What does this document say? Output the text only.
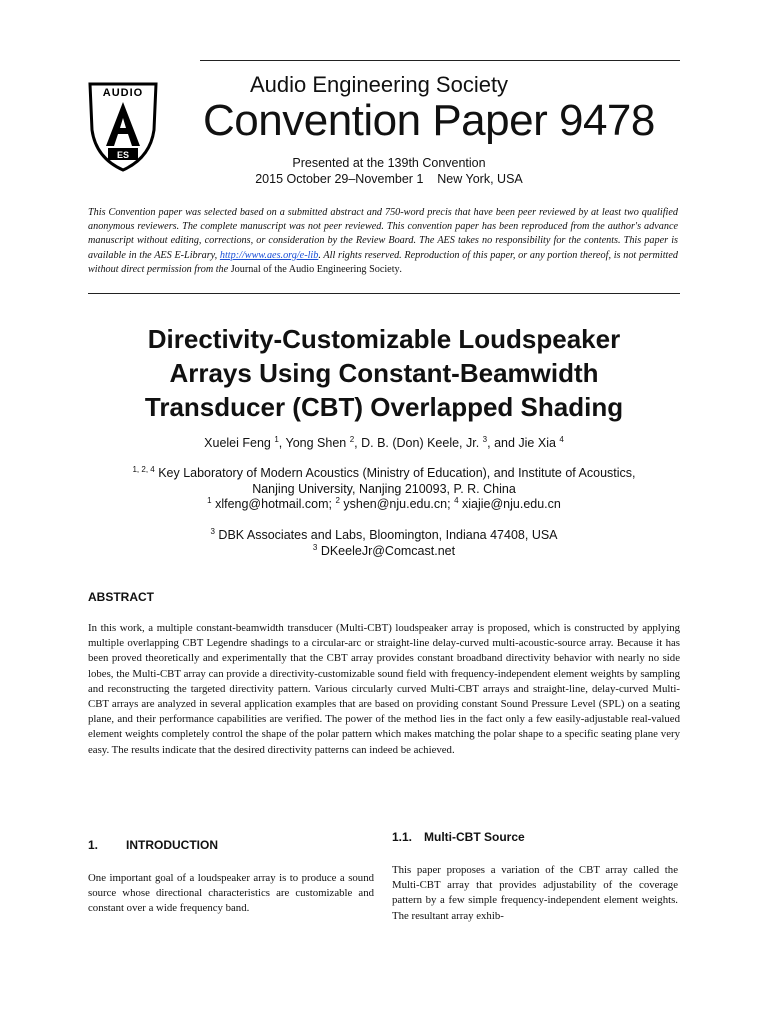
AUDIO
ES
Audio Engineering Society
Convention Paper 9478
Presented at the 139th Convention
2015 October 29–November 1    New York, USA
This Convention paper was selected based on a submitted abstract and 750-word precis that have been peer reviewed by at least two qualified anonymous reviewers. The complete manuscript was not peer reviewed. This convention paper has been reproduced from the author's advance manuscript without editing, corrections, or consideration by the Review Board. The AES takes no responsibility for the contents. This paper is available in the AES E-Library, http://www.aes.org/e-lib. All rights reserved. Reproduction of this paper, or any portion thereof, is not permitted without direct permission from the Journal of the Audio Engineering Society.
Directivity-Customizable Loudspeaker
Arrays Using Constant-Beamwidth
Transducer (CBT) Overlapped Shading
Xuelei Feng $^1$, Yong Shen $^2$, D. B. (Don) Keele, Jr. $^3$, and Jie Xia $^4$
$^{1, 2, 4}$ Key Laboratory of Modern Acoustics (Ministry of Education), and Institute of Acoustics,
Nanjing University, Nanjing 210093, P. R. China
$^1$ xlfeng@hotmail.com; $^2$ yshen@nju.edu.cn; $^4$ xiajie@nju.edu.cn
$^3$ DBK Associates and Labs, Bloomington, Indiana 47408, USA
$^3$ DKeeleJr@Comcast.net
ABSTRACT
In this work, a multiple constant-beamwidth transducer (Multi-CBT) loudspeaker array is proposed, which is constructed by applying multiple overlapping CBT Legendre shadings to a circular-arc or straight-line delay-curved multi-acoustic-source array. Because it has been proved theoretically and experimentally that the CBT array provides constant broadband directivity behavior with nearly no side lobes, the Multi-CBT array can provide a directivity-customizable sound field with frequency-independent element weights by sampling and reconstructing the targeted directivity pattern. Various circularly curved Multi-CBT arrays and straight-line, delay-curved Multi-CBT arrays are analyzed in several application examples that are based on providing constant Sound Pressure Level (SPL) on a seating plane, and their performance capabilities are verified. The power of the method lies in the fact only a few easily-adjustable real-valued element weights completely control the shape of the polar pattern which makes matching the polar shape to a specific seating plane very easy. The results indicate that the desired directivity patterns can indeed be achieved.
1.	INTRODUCTION
One important goal of a loudspeaker array is to produce a sound source whose directional characteristics are customizable and constant over a wide frequency band.
1.1. Multi-CBT Source
This paper proposes a variation of the CBT array called the Multi-CBT array that provides adjustability of the coverage pattern by a few simple frequency-independent element weights. The resultant array exhib-
